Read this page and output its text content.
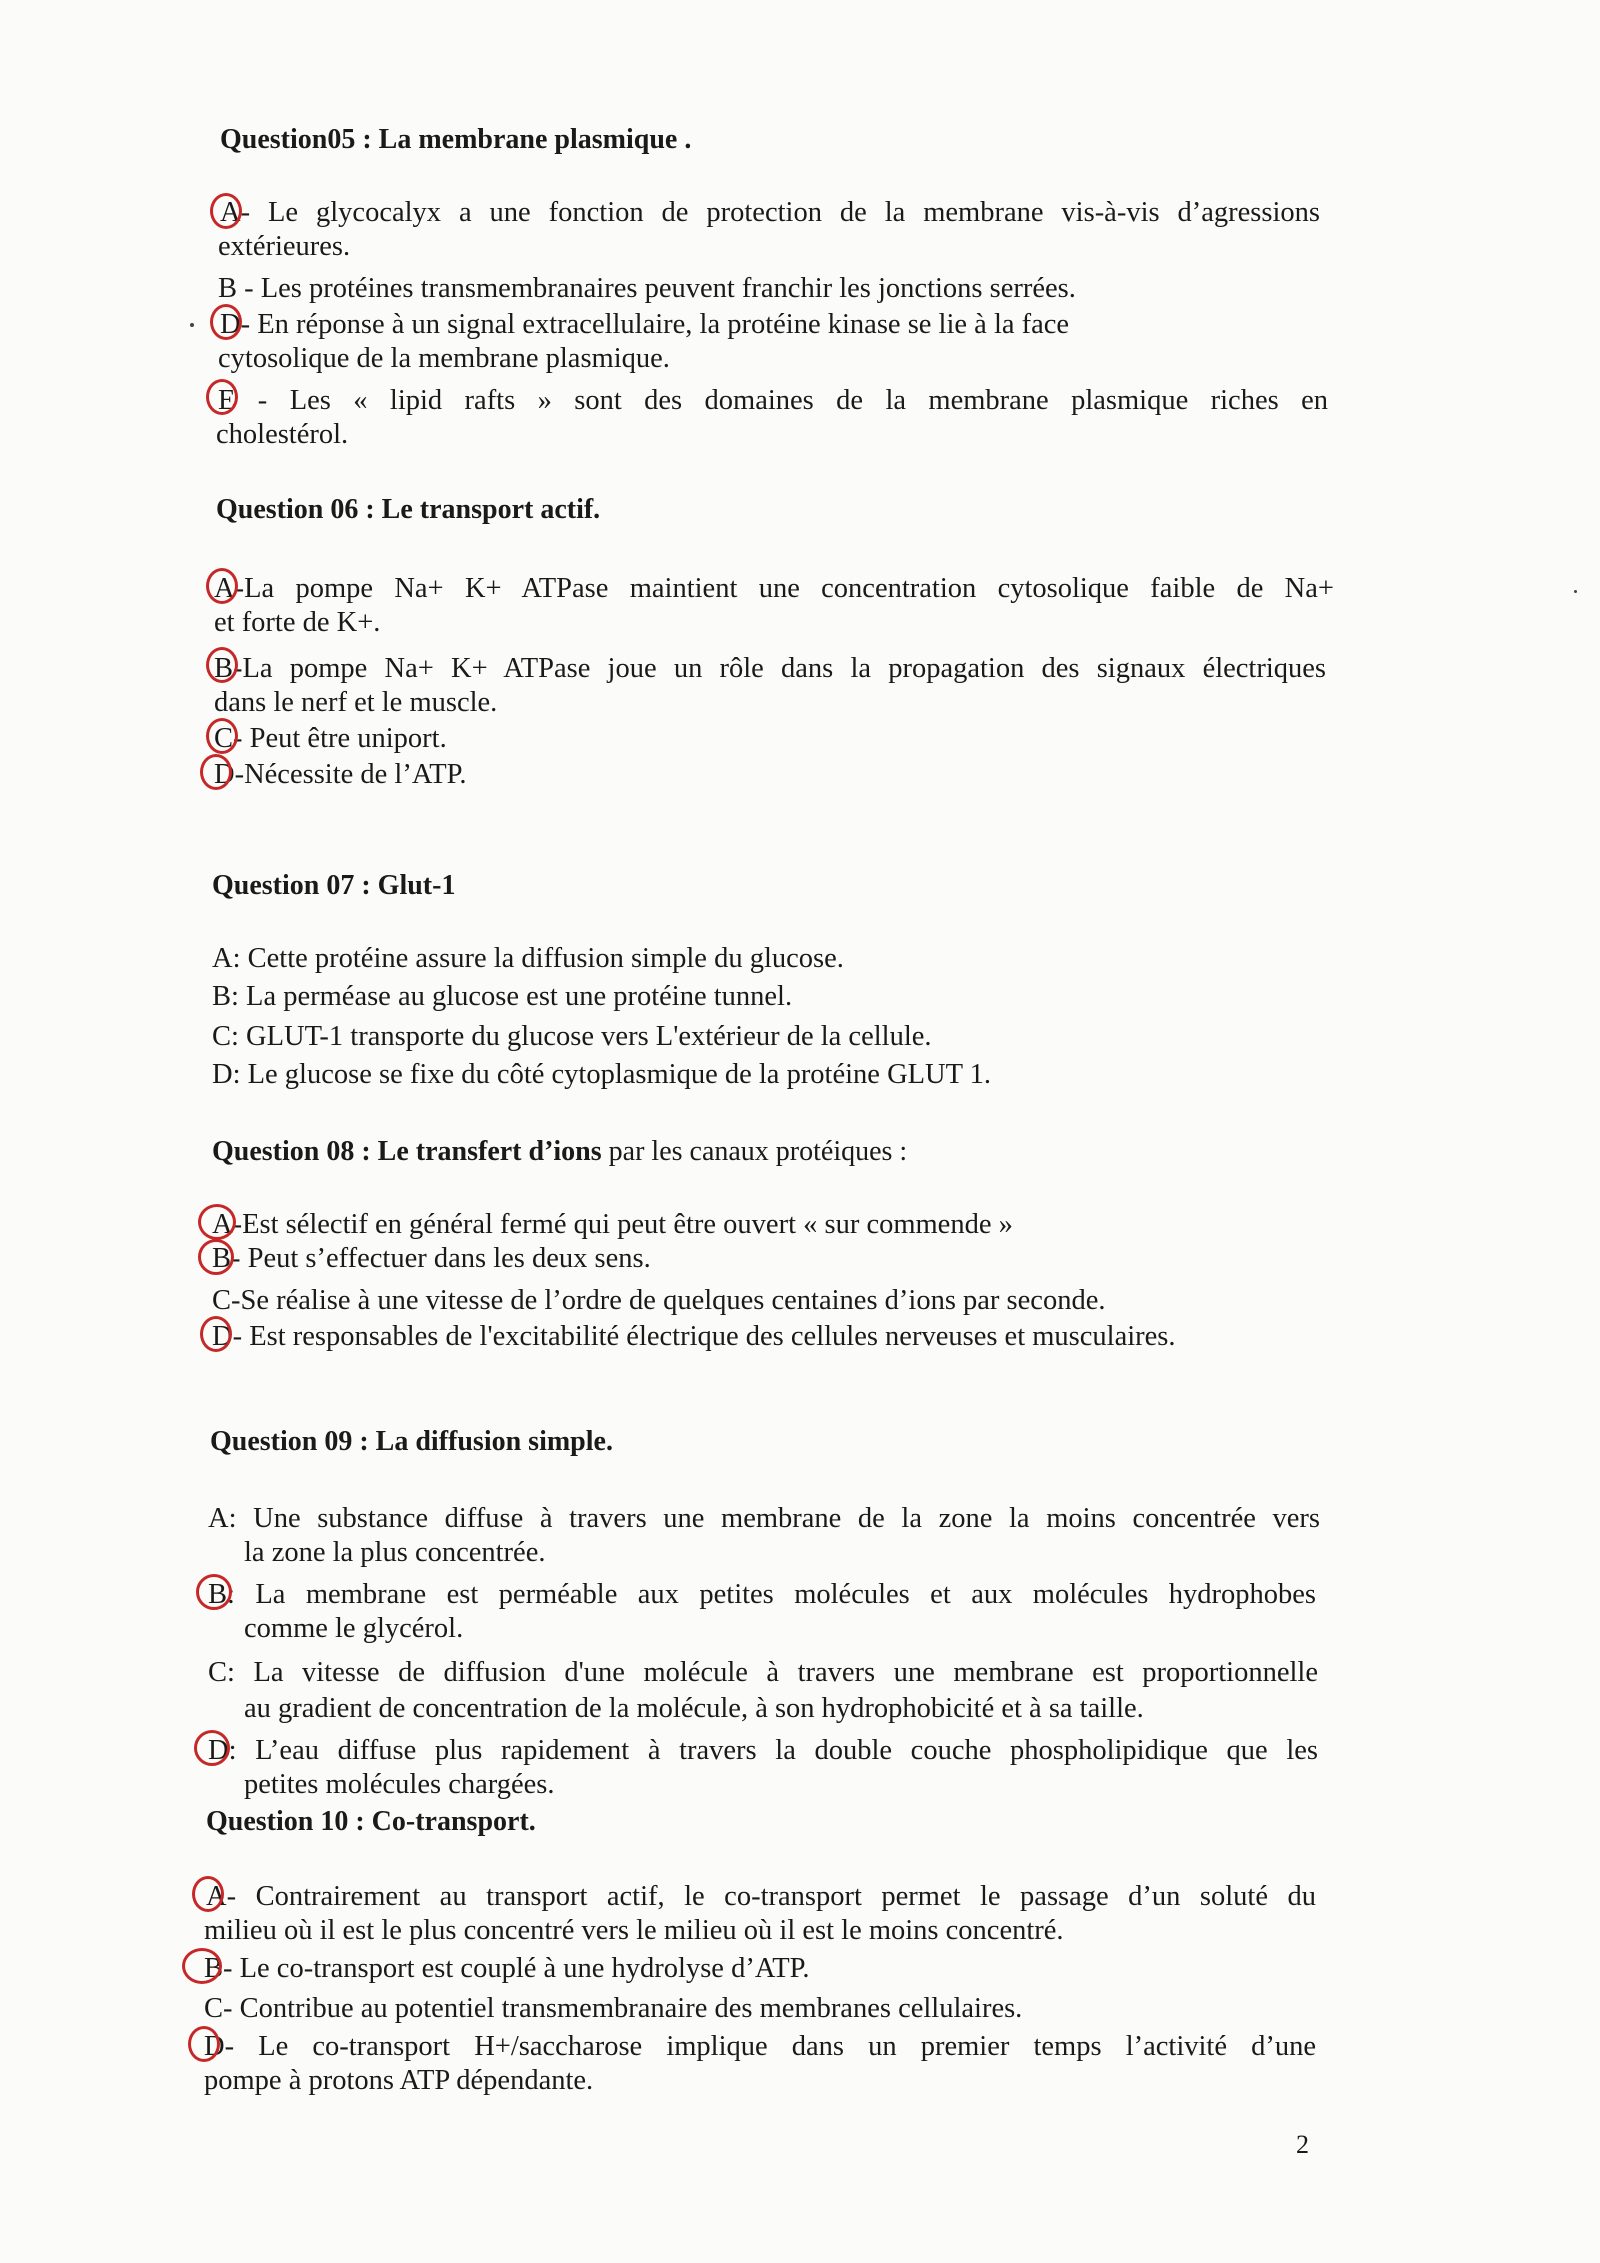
Question05 : La membrane plasmique .
A- Le glycocalyx a une fonction de protection de la membrane vis-à-vis d’agressions
extérieures.
B - Les protéines transmembranaires peuvent franchir les jonctions serrées.
D- En réponse à un signal extracellulaire, la protéine kinase se lie à la face
cytosolique de la membrane plasmique.
E - Les « lipid rafts » sont des domaines de la membrane plasmique riches en
cholestérol.
Question 06 : Le transport actif.
A-La pompe Na+ K+ ATPase maintient une concentration cytosolique faible de Na+
et forte de K+.
B-La pompe Na+ K+ ATPase joue un rôle dans la propagation des signaux électriques
dans le nerf et le muscle.
C- Peut être uniport.
D-Nécessite de l’ATP.
Question 07 : Glut-1
A: Cette protéine assure la diffusion simple du glucose.
B: La perméase au glucose est une protéine tunnel.
C: GLUT-1 transporte du glucose vers L'extérieur de la cellule.
D: Le glucose se fixe du côté cytoplasmique de la protéine GLUT 1.
Question 08 : Le transfert d’ions par les canaux protéiques :
A-Est sélectif en général fermé qui peut être ouvert « sur commende »
B- Peut s’effectuer dans les deux sens.
C-Se réalise à une vitesse de l’ordre de quelques centaines d’ions par seconde.
D- Est responsables de l'excitabilité électrique des cellules nerveuses et musculaires.
Question 09 : La diffusion simple.
A: Une substance diffuse à travers une membrane de la zone la moins concentrée vers
la zone la plus concentrée.
B: La membrane est perméable aux petites molécules et aux molécules hydrophobes
comme le glycérol.
C: La vitesse de diffusion d'une molécule à travers une membrane est proportionnelle
au gradient de concentration de la molécule, à son hydrophobicité et à sa taille.
D: L’eau diffuse plus rapidement à travers la double couche phospholipidique que les
petites molécules chargées.
Question 10 : Co-transport.
A- Contrairement au transport actif, le co-transport permet le passage d’un soluté du
milieu où il est le plus concentré vers le milieu où il est le moins concentré.
B- Le co-transport est couplé à une hydrolyse d’ATP.
C- Contribue au potentiel transmembranaire des membranes cellulaires.
D- Le co-transport H+/saccharose implique dans un premier temps l’activité d’une
pompe à protons ATP dépendante.
2
